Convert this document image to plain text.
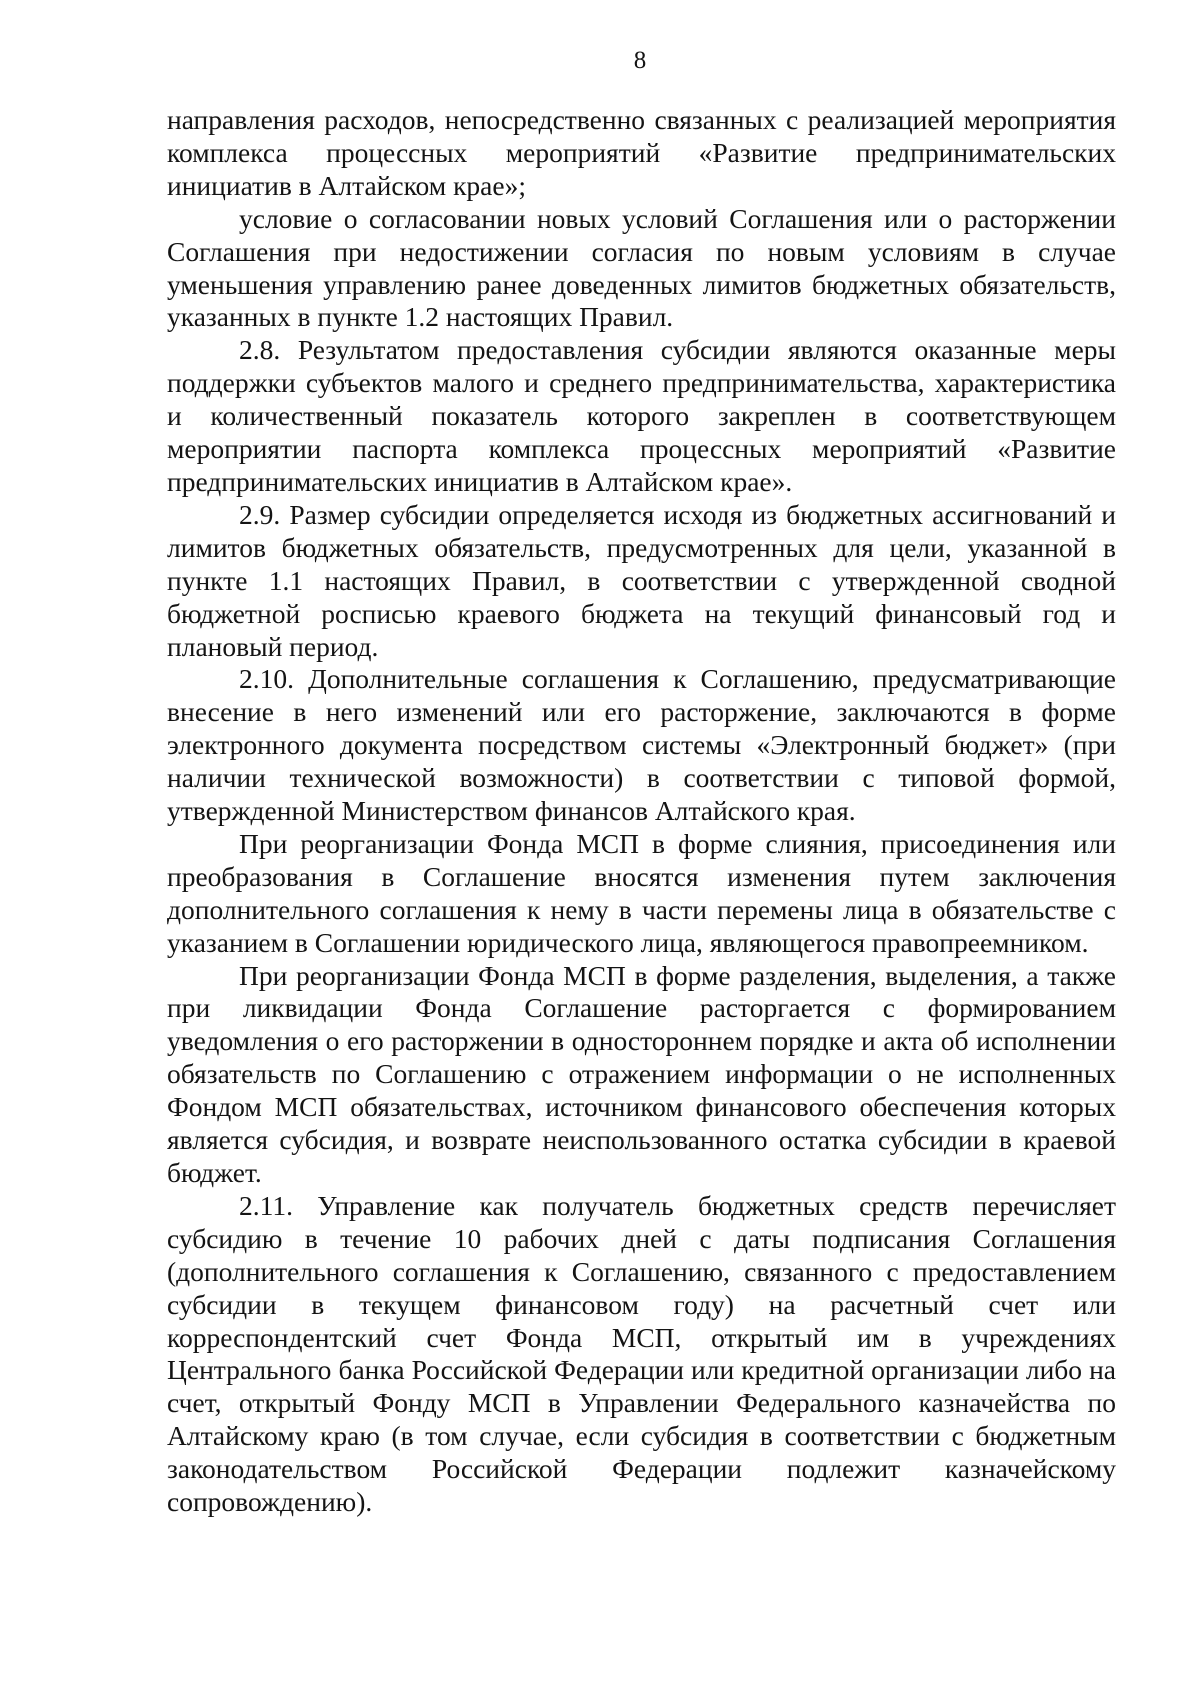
8

направления расходов, непосредственно связанных с реализацией мероприятия комплекса процессных мероприятий «Развитие предпринимательских инициатив в Алтайском крае»;

условие о согласовании новых условий Соглашения или о расторжении Соглашения при недостижении согласия по новым условиям в случае уменьшения управлению ранее доведенных лимитов бюджетных обязательств, указанных в пункте 1.2 настоящих Правил.

2.8. Результатом предоставления субсидии являются оказанные меры поддержки субъектов малого и среднего предпринимательства, характеристика и количественный показатель которого закреплен в соответствующем мероприятии паспорта комплекса процессных мероприятий «Развитие предпринимательских инициатив в Алтайском крае».

2.9. Размер субсидии определяется исходя из бюджетных ассигнований и лимитов бюджетных обязательств, предусмотренных для цели, указанной в пункте 1.1 настоящих Правил, в соответствии с утвержденной сводной бюджетной росписью краевого бюджета на текущий финансовый год и плановый период.

2.10. Дополнительные соглашения к Соглашению, предусматривающие внесение в него изменений или его расторжение, заключаются в форме электронного документа посредством системы «Электронный бюджет» (при наличии технической возможности) в соответствии с типовой формой, утвержденной Министерством финансов Алтайского края.

При реорганизации Фонда МСП в форме слияния, присоединения или преобразования в Соглашение вносятся изменения путем заключения дополнительного соглашения к нему в части перемены лица в обязательстве с указанием в Соглашении юридического лица, являющегося правопреемником.

При реорганизации Фонда МСП в форме разделения, выделения, а также при ликвидации Фонда Соглашение расторгается с формированием уведомления о его расторжении в одностороннем порядке и акта об исполнении обязательств по Соглашению с отражением информации о не исполненных Фондом МСП обязательствах, источником финансового обеспечения которых является субсидия, и возврате неиспользованного остатка субсидии в краевой бюджет.

2.11. Управление как получатель бюджетных средств перечисляет субсидию в течение 10 рабочих дней с даты подписания Соглашения (дополнительного соглашения к Соглашению, связанного с предоставлением субсидии в текущем финансовом году) на расчетный счет или корреспондентский счет Фонда МСП, открытый им в учреждениях Центрального банка Российской Федерации или кредитной организации либо на счет, открытый Фонду МСП в Управлении Федерального казначейства по Алтайскому краю (в том случае, если субсидия в соответствии с бюджетным законодательством Российской Федерации подлежит казначейскому сопровождению).
